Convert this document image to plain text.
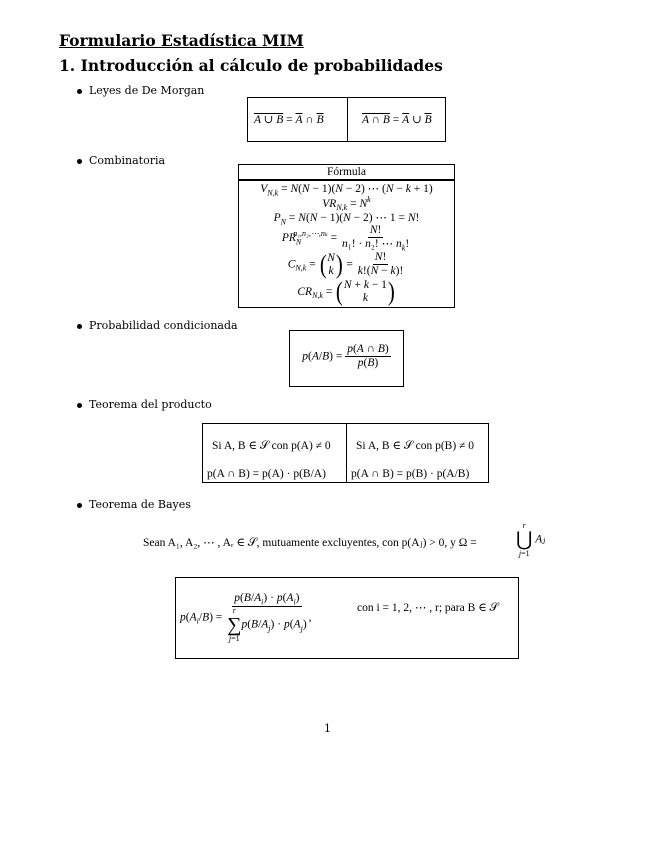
Formulario Estadística MIM
1. Introducción al cálculo de probabilidades
Leyes de De Morgan
A ∪ $B = \overline{A}$ ∩ $\overline{B}$	A ∩ $B = \overline{A}$ ∪ $\overline{B}$
Combinatoria
Fórmula
$V_{N,k} = N(N - 1)(N - 2)$ ⋯ (N − k + 1)
$VR_{N,k} = N^k$
$P_N = N(N - 1)(N - 2)$ ⋯ 1 = N!
$PR_N^{n_1,n_2,\cdots,n_k} = \frac{N!}{n_1! \cdot n_2! \cdots n_k!}$
$C_{N,k}$ = ( N
k ) = $\frac{N!}{k!(N - k)!}$
$CR_{N,k}$ = ( N + k − 1
k )
Probabilidad condicionada
$p(A/B) = \frac{p(A \cap B)}{p(B)}$
Teorema del producto
Si A, B ∈ 𝒮 con p(A) ≠ 0 Si A, B ∈ 𝒮 con p(B) ≠ 0
p(A ∩ B) = p(A) · p(B/A) p(A ∩ B) = p(B) · p(A/B)
Teorema de Bayes
Sean A₁, A₂, ⋯ , Aᵣ ∈ 𝒮, mutuamente excluyentes, con p(Aⱼ) > 0, y Ω =
r
⋃
j=1
Aⱼ
$p(A_i/B) = p(B/A_i) \cdot p(A_i)$
r
∑
j=1
$p(B/A_j) \cdot p(A_j)$ ,
con i = 1, 2, ⋯ , r; para B ∈ 𝒮
1
